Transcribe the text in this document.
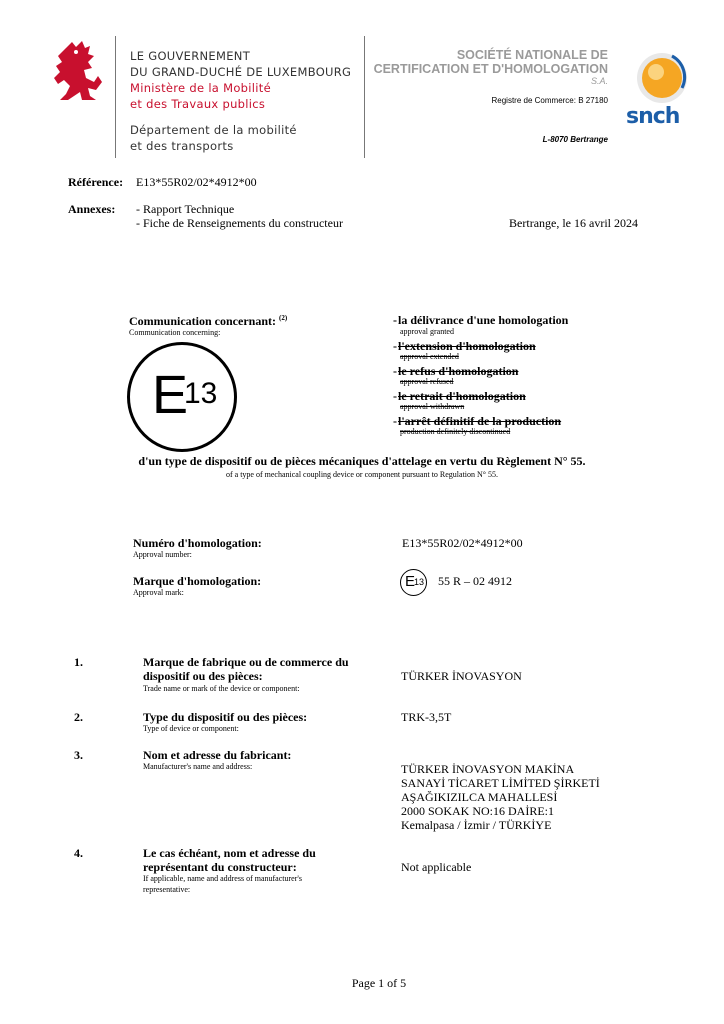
LE GOUVERNEMENT
DU GRAND-DUCHÉ DE LUXEMBOURG
Ministère de la Mobilité
et des Travaux publics
Département de la mobilité
et des transports
SOCIÉTÉ NATIONALE DE
CERTIFICATION ET D'HOMOLOGATION
S.A.
Registre de Commerce: B 27180
L-8070 Bertrange
snch
Référence: E13*55R02/02*4912*00
Annexes: - Rapport Technique
- Fiche de Renseignements du constructeur	Bertrange, le 16 avril 2024
Communication concernant: $^{(2)}$
Communication concerning:
E
13
- la délivrance d'une homologation
approval granted
- l'extension d'homologation
approval extended
- le refus d'homologation
approval refused
- le retrait d'homologation
approval withdrawn
- l'arrêt définitif de la production
production definitely discontinued
d'un type de dispositif ou de pièces mécaniques d'attelage en vertu du Règlement N° 55.
of a type of mechanical coupling device or component pursuant to Regulation N° 55.
Numéro d'homologation:
Approval number:
E13*55R02/02*4912*00
Marque d'homologation:
Approval mark:
E
13 55 R – 02 4912
1.	Marque de fabrique ou de commerce du
dispositif ou des pièces:
Trade name or mark of the device or component:
TÜRKER İNOVASYON
2.	Type du dispositif ou des pièces:
Type of device or component:
TRK-3,5T
3.	Nom et adresse du fabricant:
Manufacturer's name and address:	TÜRKER İNOVASYON MAKİNA
SANAYİ TİCARET LİMİTED ŞİRKETİ
AŞAĞIKIZILCA MAHALLESİ
2000 SOKAK NO:16 DAİRE:1
Kemalpasa / İzmir / TÜRKİYE
4.	Le cas échéant, nom et adresse du
représentant du constructeur:
If applicable, name and address of manufacturer's
representative:
Not applicable
Page 1 of 5
